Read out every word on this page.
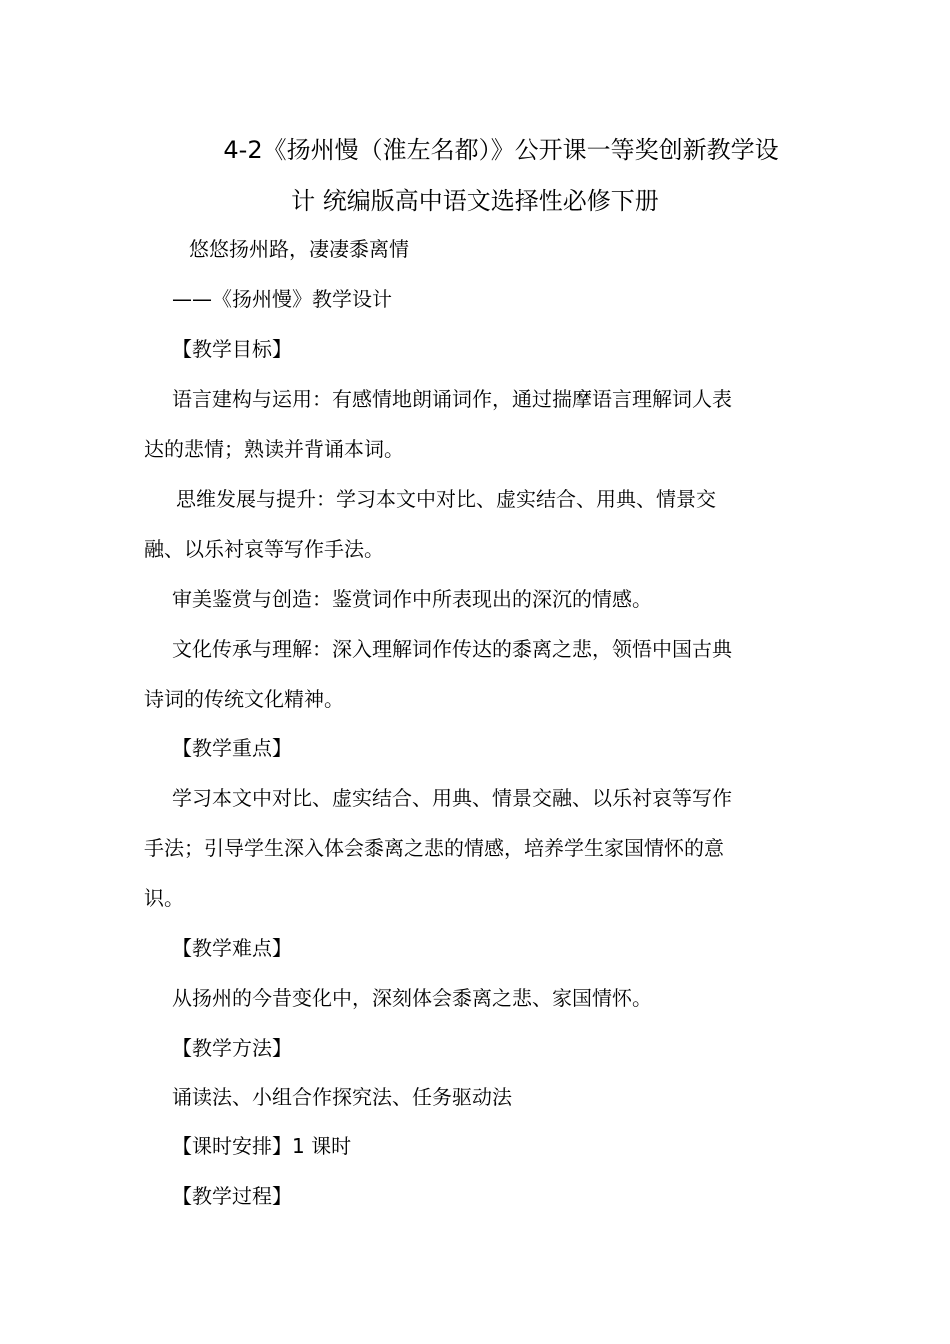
4-2《扬州慢（淮左名都）》公开课一等奖创新教学设
计 统编版高中语文选择性必修下册
悠悠扬州路，凄凄黍离情
——《扬州慢》教学设计
【教学目标】
语言建构与运用：有感情地朗诵词作，通过揣摩语言理解词人表
达的悲情；熟读并背诵本词。
思维发展与提升：学习本文中对比、虚实结合、用典、情景交
融、以乐衬哀等写作手法。
审美鉴赏与创造：鉴赏词作中所表现出的深沉的情感。
文化传承与理解：深入理解词作传达的黍离之悲，领悟中国古典
诗词的传统文化精神。
【教学重点】
学习本文中对比、虚实结合、用典、情景交融、以乐衬哀等写作
手法；引导学生深入体会黍离之悲的情感，培养学生家国情怀的意
识。
【教学难点】
从扬州的今昔变化中，深刻体会黍离之悲、家国情怀。
【教学方法】
诵读法、小组合作探究法、任务驱动法
【课时安排】1 课时
【教学过程】
